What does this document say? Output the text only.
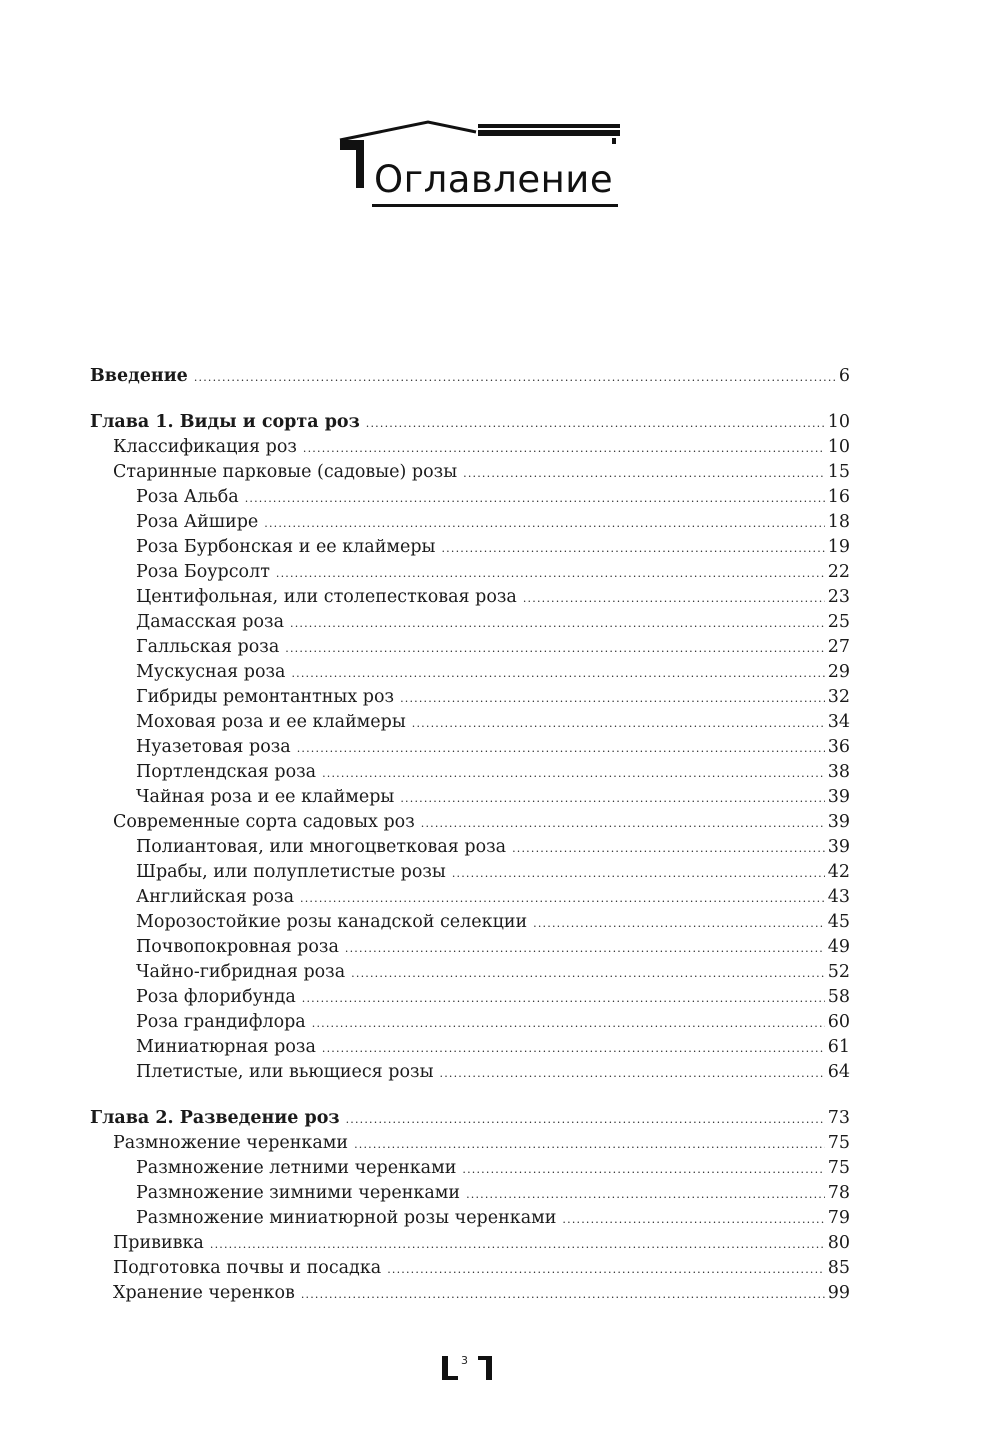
Оглавление
Введение .....	6
Глава 1. Виды и сорта роз .....	10
Классификация роз .....	10
Старинные парковые (садовые) розы .....	15
Роза Альба .....	16
Роза Айшире .....	18
Роза Бурбонская и ее клаймеры .....	19
Роза Боурсолт .....	22
Центифольная, или столепестковая роза .....	23
Дамасская роза .....	25
Галльская роза .....	27
Мускусная роза .....	29
Гибриды ремонтантных роз .....	32
Моховая роза и ее клаймеры .....	34
Нуазетовая роза .....	36
Портлендская роза .....	38
Чайная роза и ее клаймеры .....	39
Современные сорта садовых роз .....	39
Полиантовая, или многоцветковая роза .....	39
Шрабы, или полуплетистые розы .....	42
Английская роза .....	43
Морозостойкие розы канадской селекции .....	45
Почвопокровная роза .....	49
Чайно-гибридная роза .....	52
Роза флорибунда .....	58
Роза грандифлора .....	60
Миниатюрная роза .....	61
Плетистые, или вьющиеся розы .....	64
Глава 2. Разведение роз .....	73
Размножение черенками .....	75
Размножение летними черенками .....	75
Размножение зимними черенками .....	78
Размножение миниатюрной розы черенками .....	79
Прививка .....	80
Подготовка почвы и посадка .....	85
Хранение черенков .....	99
3
